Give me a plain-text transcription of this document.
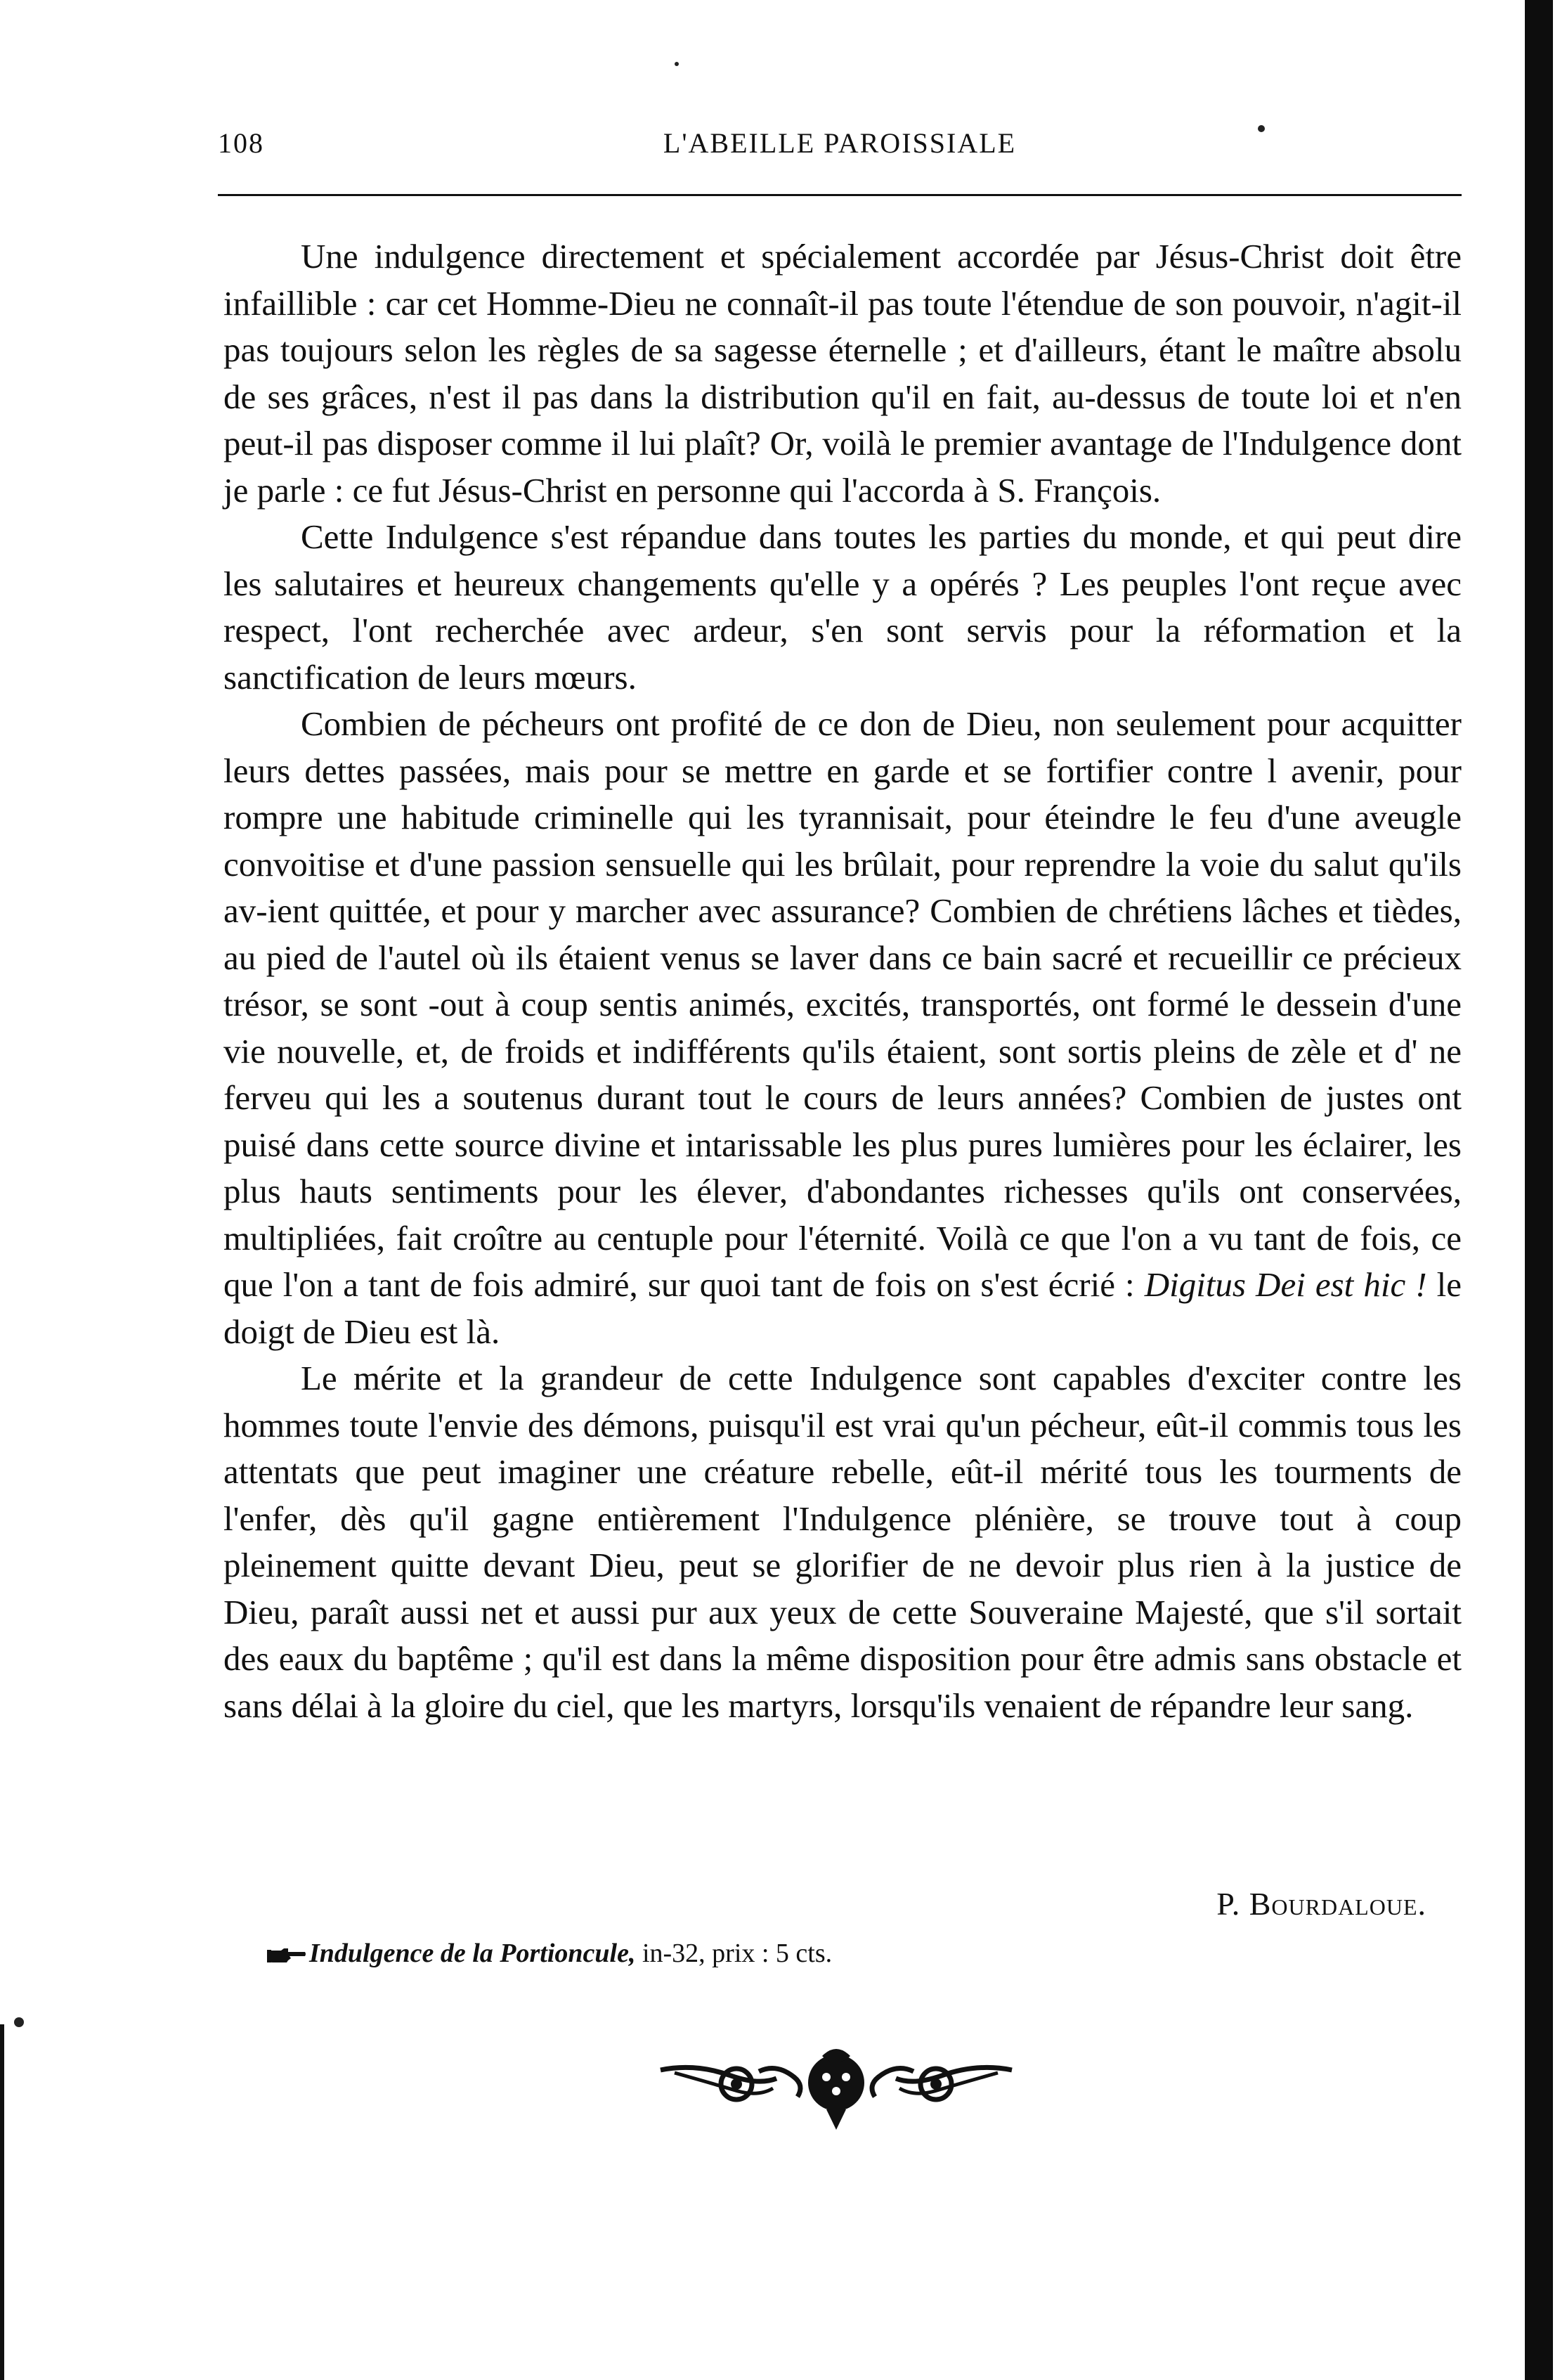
108	L'ABEILLE PAROISSIALE

Une indulgence directement et spécialement accordée par Jésus-Christ doit être infaillible : car cet Homme-Dieu ne connaît-il pas toute l'étendue de son pouvoir, n'agit-il pas toujours selon les règles de sa sagesse éternelle ; et d'ailleurs, étant le maître absolu de ses grâces, n'est il pas dans la distribution qu'il en fait, au-dessus de toute loi et n'en peut-il pas disposer comme il lui plaît? Or, voilà le premier avantage de l'Indulgence dont je parle : ce fut Jésus-Christ en personne qui l'accorda à S. François.

Cette Indulgence s'est répandue dans toutes les parties du monde, et qui peut dire les salutaires et heureux changements qu'elle y a opérés ? Les peuples l'ont reçue avec respect, l'ont recherchée avec ardeur, s'en sont servis pour la réformation et la sanctification de leurs mœurs.

Combien de pécheurs ont profité de ce don de Dieu, non seulement pour acquitter leurs dettes passées, mais pour se mettre en garde et se fortifier contre l avenir, pour rompre une habitude criminelle qui les tyrannisait, pour éteindre le feu d'une aveugle convoitise et d'une passion sensuelle qui les brûlait, pour reprendre la voie du salut qu'ils av-ient quittée, et pour y marcher avec assurance? Combien de chrétiens lâches et tièdes, au pied de l'autel où ils étaient venus se laver dans ce bain sacré et recueillir ce précieux trésor, se sont -out à coup sentis animés, excités, transportés, ont formé le dessein d'une vie nouvelle, et, de froids et indifférents qu'ils étaient, sont sortis pleins de zèle et d' ne ferveu qui les a soutenus durant tout le cours de leurs années? Combien de justes ont puisé dans cette source divine et intarissable les plus pures lumières pour les éclairer, les plus hauts sentiments pour les élever, d'abondantes richesses qu'ils ont conservées, multipliées, fait croître au centuple pour l'éternité. Voilà ce que l'on a vu tant de fois, ce que l'on a tant de fois admiré, sur quoi tant de fois on s'est écrié : Digitus Dei est hic ! le doigt de Dieu est là.

Le mérite et la grandeur de cette Indulgence sont capables d'exciter contre les hommes toute l'envie des démons, puisqu'il est vrai qu'un pécheur, eût-il commis tous les attentats que peut imaginer une créature rebelle, eût-il mérité tous les tourments de l'enfer, dès qu'il gagne entièrement l'Indulgence plénière, se trouve tout à coup pleinement quitte devant Dieu, peut se glorifier de ne devoir plus rien à la justice de Dieu, paraît aussi net et aussi pur aux yeux de cette Souveraine Majesté, que s'il sortait des eaux du baptême ; qu'il est dans la même disposition pour être admis sans obstacle et sans délai à la gloire du ciel, que les martyrs, lorsqu'ils venaient de répandre leur sang.

P. Bourdaloue.
Indulgence de la Portioncule, in-32, prix : 5 cts.
